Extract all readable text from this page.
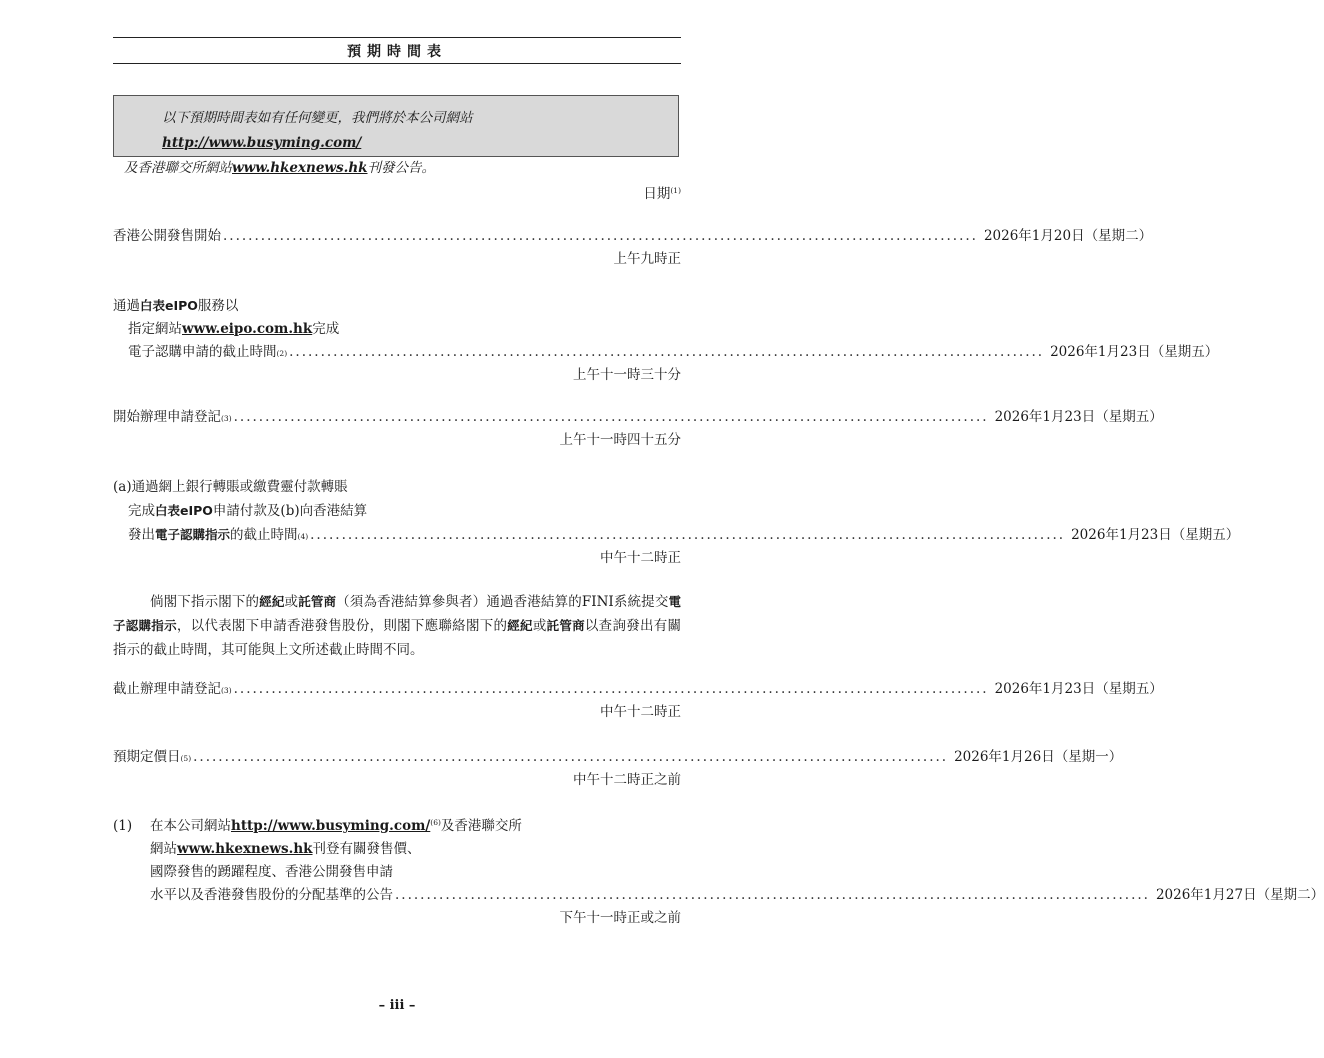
預期時間表
以下預期時間表如有任何變更，我們將於本公司網站http://www.busyming.com/
及香港聯交所網站www.hkexnews.hk刊發公告。
日期$^{(1)}$
香港公開發售開始 ........................................................................................................................ 2026年1月20日（星期二）
上午九時正
通過白表eIPO服務以
指定網站www.eipo.com.hk完成
電子認購申請的截止時間 (2) ........................................................................................................................ 2026年1月23日（星期五）
上午十一時三十分
開始辦理申請登記 (3) ........................................................................................................................ 2026年1月23日（星期五）
上午十一時四十五分
(a)通過網上銀行轉賬或繳費靈付款轉賬
完成白表eIPO申請付款及(b)向香港結算
發出 電子認購指示 的截止時間 (4) ........................................................................................................................ 2026年1月23日（星期五）
中午十二時正
倘閣下指示閣下的經紀或託管商（須為香港結算參與者）通過香港結算的FINI系統提交電子認購指示，以代表閣下申請香港發售股份，則閣下應聯絡閣下的經紀或託管商以查詢發出有關指示的截止時間，其可能與上文所述截止時間不同。
截止辦理申請登記 (3) ........................................................................................................................ 2026年1月23日（星期五）
中午十二時正
預期定價日 (5) ........................................................................................................................ 2026年1月26日（星期一）
中午十二時正之前
(1) 在本公司網站http://www.busyming.com/$^{(6)}$及香港聯交所
網站www.hkexnews.hk刊登有關發售價、
國際發售的踴躍程度、香港公開發售申請
水平以及香港發售股份的分配基準的公告 ........................................................................................................................ 2026年1月27日（星期二）
下午十一時正或之前
– iii –
